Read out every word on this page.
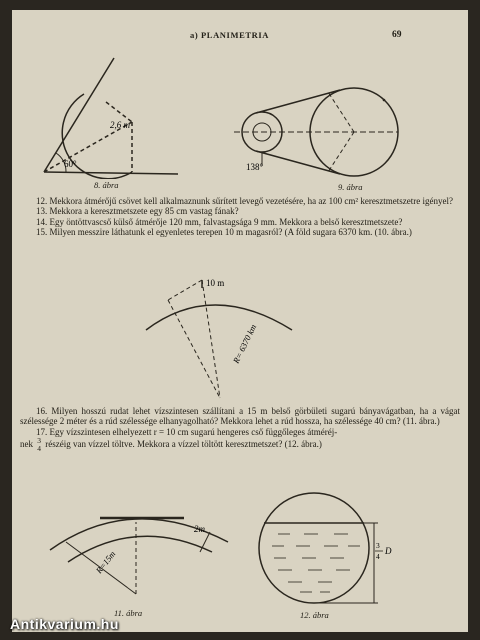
a) PLANIMETRIA	69
60°
2,6 m
8. ábra
138°
9. ábra

12. Mekkora átmérőjű csövet kell alkalmaznunk sűrített levegő vezetésére, ha az 100 cm² keresztmetszetre igényel?

13. Mekkora a keresztmetszete egy 85 cm vastag fának?

14. Egy öntöttvascső külső átmérője 120 mm, falvastagsága 9 mm. Mekkora a belső keresztmetszete?

15. Milyen messzire láthatunk el egyenletes terepen 10 m magasról? (A föld sugara 6370 km. (10. ábra.)

10 m
R= 6370 km

16. Milyen hosszú rudat lehet vízszintesen szállítani a 15 m belső görbületi sugarú bányavágatban, ha a vágat szélessége 2 méter és a rúd szélessége elhanyagolható? Mekkora lehet a rúd hossza, ha szélessége 40 cm? (11. ábra.)

17. Egy vízszintesen elhelyezett r = 10 cm sugarú hengeres cső függőleges átméréj-

nek 3
4 részéig van vízzel töltve. Mekkora a vízzel töltött keresztmetszet? (12. ábra.)

2m
R=15m
11. ábra
3
4
D
12. ábra
Antikvarium.hu
